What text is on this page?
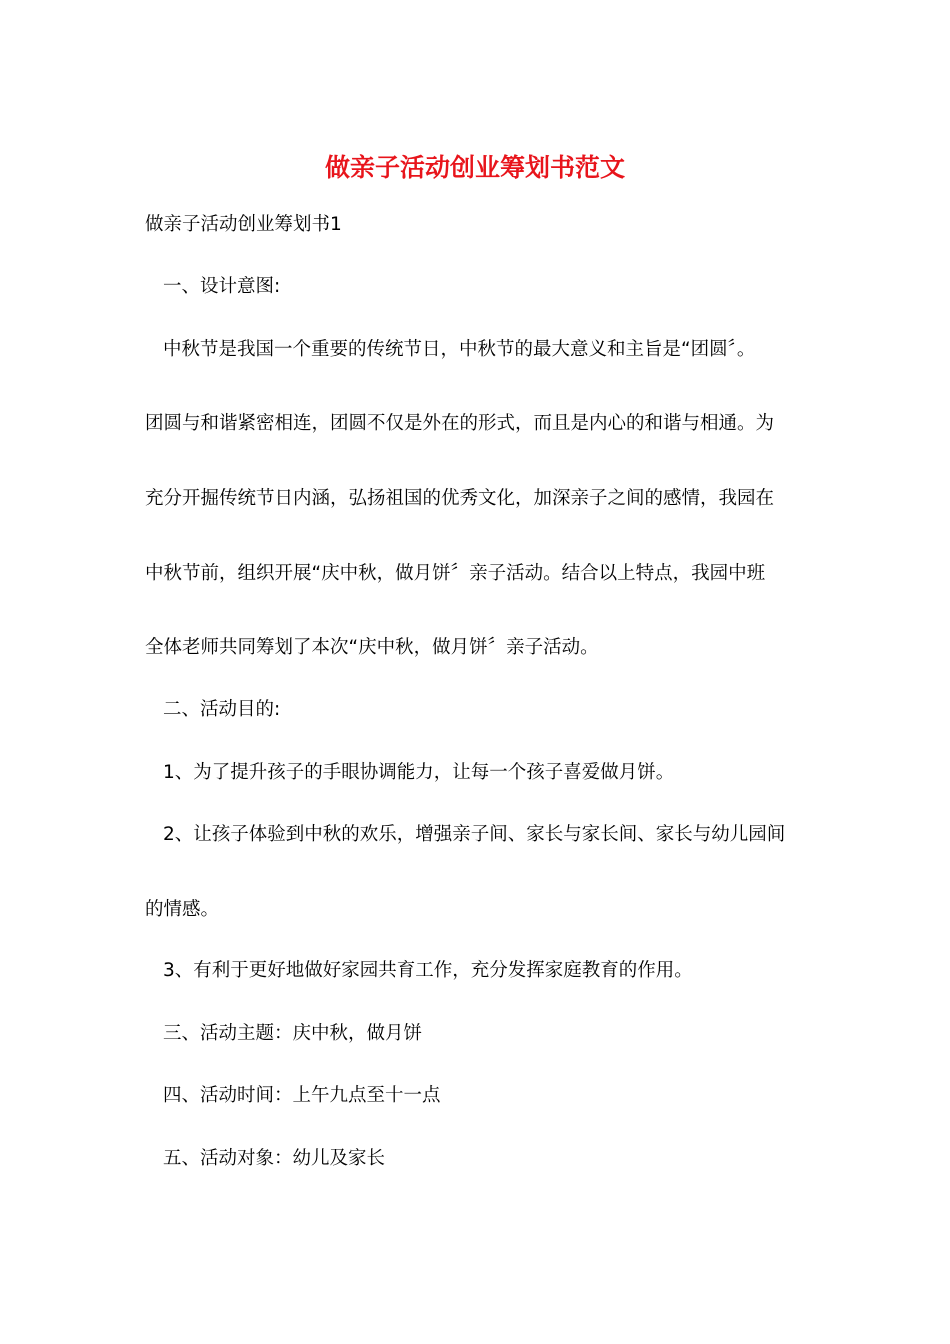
做亲子活动创业筹划书范文

做亲子活动创业筹划书1

一、设计意图:

中秋节是我国一个重要的传统节日，中秋节的最大意义和主旨是“团圆〞。

团圆与和谐紧密相连，团圆不仅是外在的形式，而且是内心的和谐与相通。为

充分开掘传统节日内涵，弘扬祖国的优秀文化，加深亲子之间的感情，我园在

中秋节前，组织开展“庆中秋，做月饼〞亲子活动。结合以上特点，我园中班

全体老师共同筹划了本次“庆中秋，做月饼〞亲子活动。

二、活动目的:

1、为了提升孩子的手眼协调能力，让每一个孩子喜爱做月饼。

2、让孩子体验到中秋的欢乐，增强亲子间、家长与家长间、家长与幼儿园间

的情感。

3、有利于更好地做好家园共育工作，充分发挥家庭教育的作用。

三、活动主题：庆中秋，做月饼

四、活动时间：上午九点至十一点

五、活动对象：幼儿及家长
